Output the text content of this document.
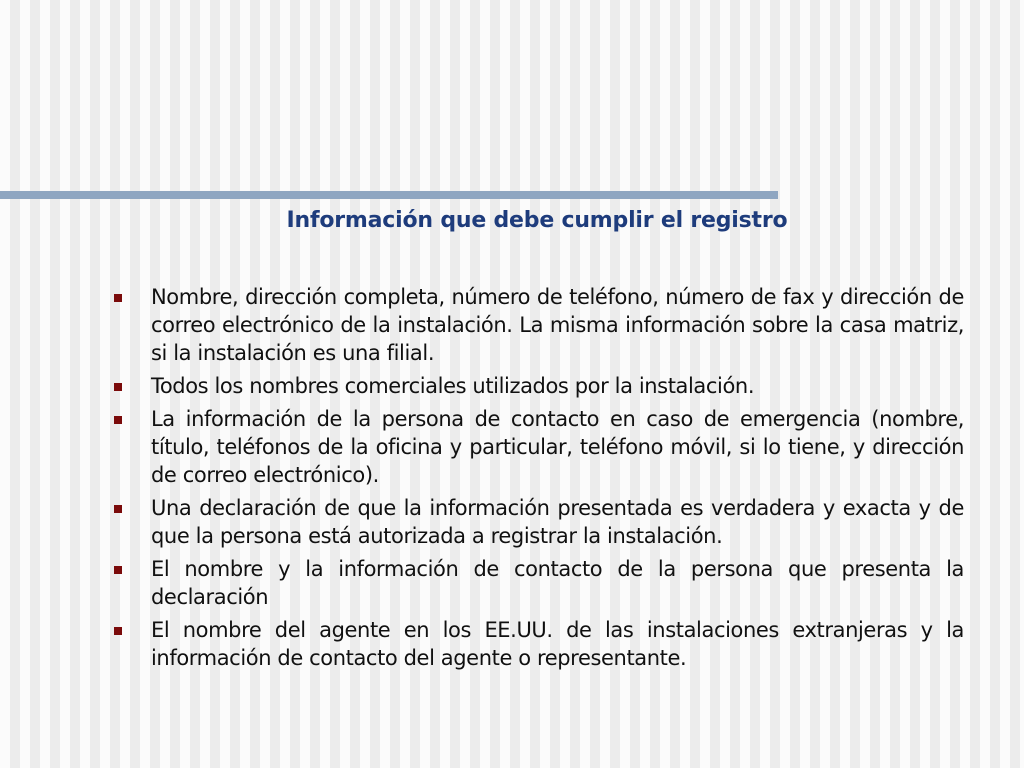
Información que debe cumplir el registro
Nombre, dirección completa, número de teléfono, número de fax y dirección de correo electrónico de la instalación. La misma información sobre la casa matriz, si la instalación es una filial.
Todos los nombres comerciales utilizados por la instalación.
La información de la persona de contacto en caso de emergencia (nombre, título, teléfonos de la oficina y particular, teléfono móvil, si lo tiene, y dirección de correo electrónico).
Una declaración de que la información presentada es verdadera y exacta y de que la persona está autorizada a registrar la instalación.
El nombre y la información de contacto de la persona que presenta la declaración
El nombre del agente en los EE.UU. de las instalaciones extranjeras y la información de contacto del agente o representante.
